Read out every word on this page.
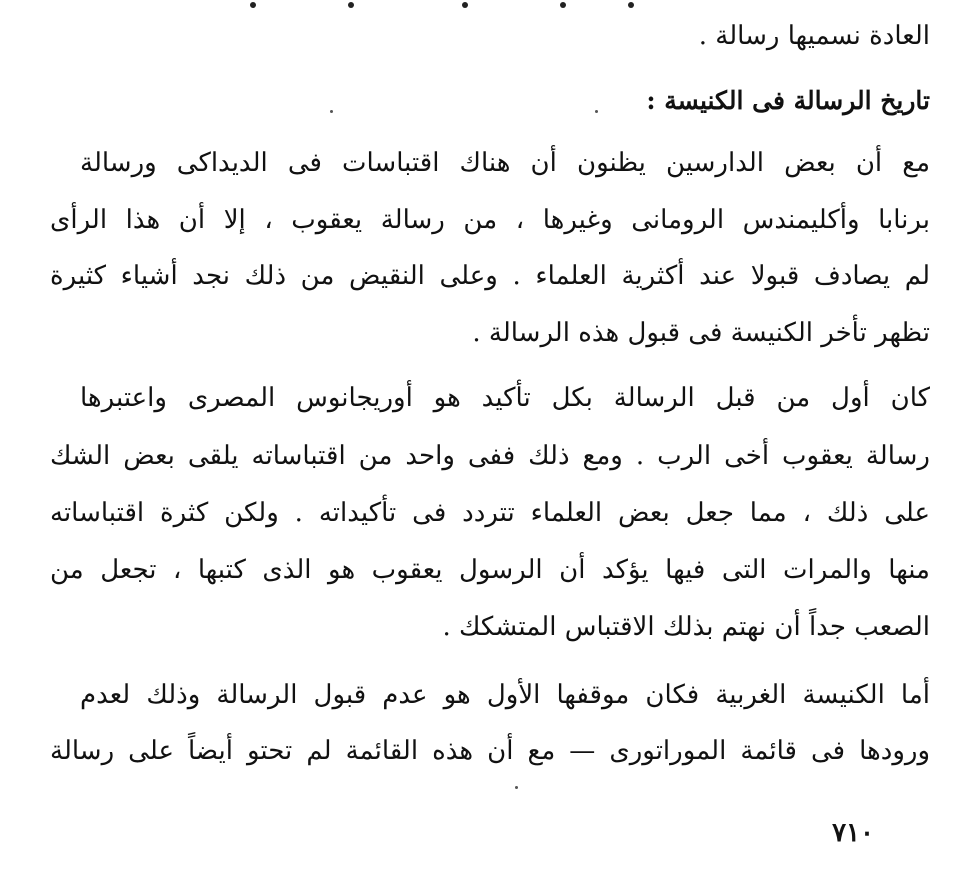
العادة نسميها رسالة .
تاريخ الرسالة فى الكنيسة :
مع أن بعض الدارسين يظنون أن هناك اقتباسات فى الديداكى ورسالة
برنابا وأكليمندس الرومانى وغيرها ، من رسالة يعقوب ، إلا أن هذا الرأى
لم يصادف قبولا عند أكثرية العلماء . وعلى النقيض من ذلك نجد أشياء كثيرة
تظهر تأخر الكنيسة فى قبول هذه الرسالة .
كان أول من قبل الرسالة بكل تأكيد هو أوريجانوس المصرى واعتبرها
رسالة يعقوب أخى الرب . ومع ذلك ففى واحد من اقتباساته يلقى بعض الشك
على ذلك ، مما جعل بعض العلماء تتردد فى تأكيداته . ولكن كثرة اقتباساته
منها والمرات التى فيها يؤكد أن الرسول يعقوب هو الذى كتبها ، تجعل من
الصعب جداً أن نهتم بذلك الاقتباس المتشكك .
أما الكنيسة الغربية فكان موقفها الأول هو عدم قبول الرسالة وذلك لعدم
ورودها فى قائمة الموراتورى — مع أن هذه القائمة لم تحتو أيضاً على رسالة
٧١٠
